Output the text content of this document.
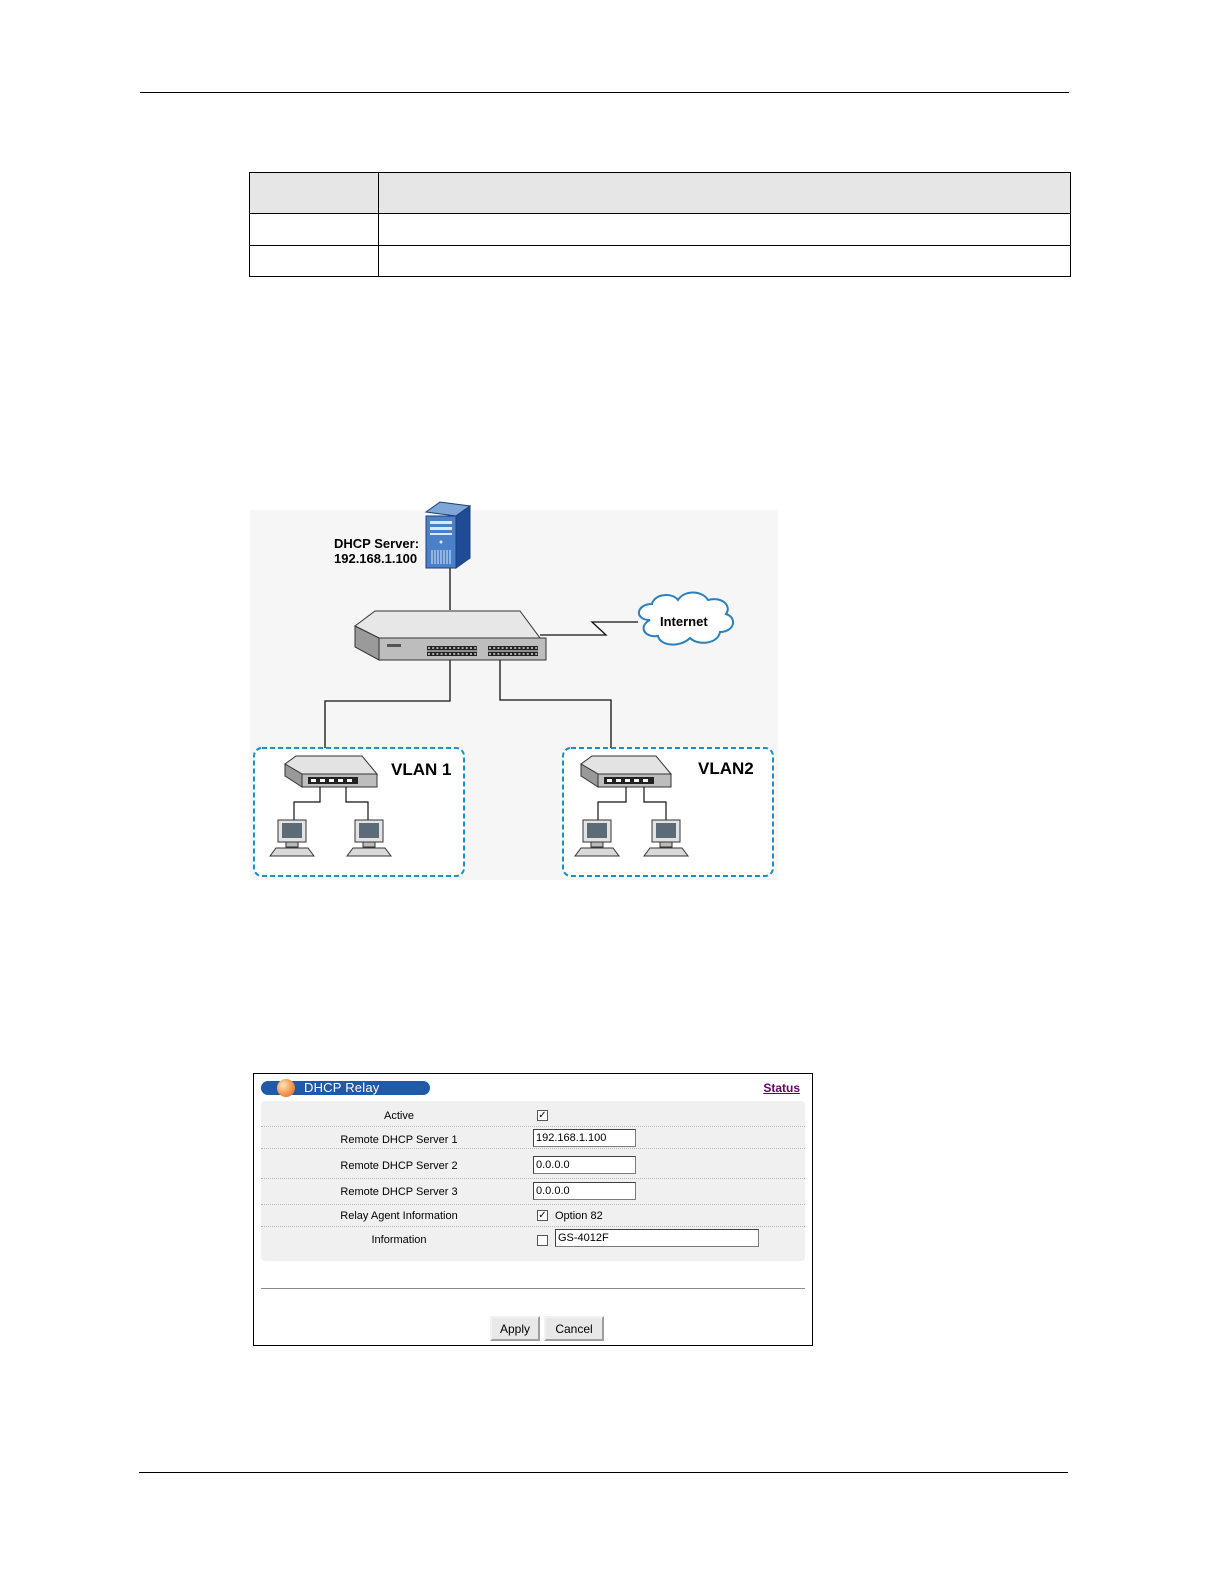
DHCP Server:
192.168.1.100
Internet
VLAN 1	VLAN2
DHCP Relay	Status
Active	✓
Remote DHCP Server 1	192.168.1.100
Remote DHCP Server 2	0.0.0.0
Remote DHCP Server 3	0.0.0.0
Relay Agent Information	✓ Option 82
Information	GS-4012F
Apply	Cancel
